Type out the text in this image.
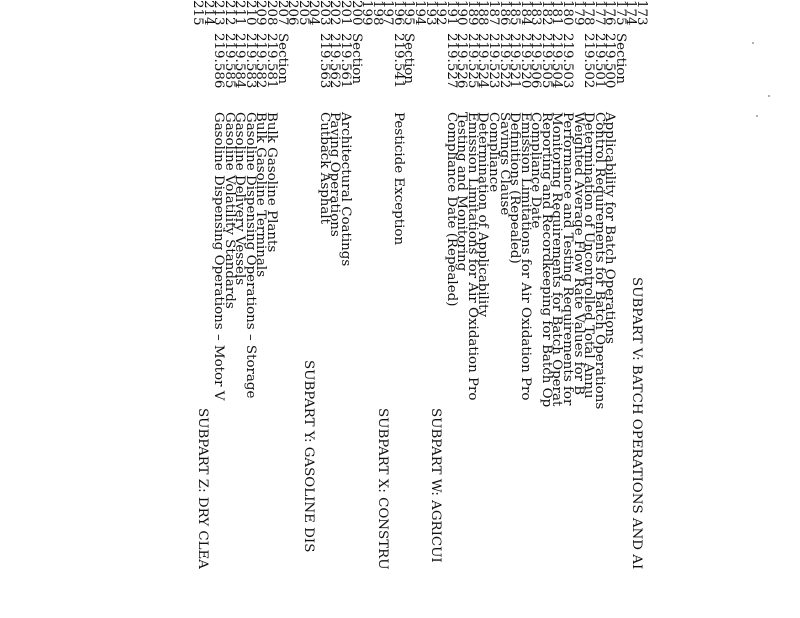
173
174
175
Section
176
219.500
Applicability for Batch Operations
177
219.501
Control Requirements for Batch Operations
178
219.502
Determination of Uncontrolled Total Annu
179
Weighted Average Flow Rate Values for B
180
219.503
Performance and Testing Requirements for
181
219.504
Monitoring Requirements for Batch Operat
182
219.505
Reporting and Recordkeeping for Batch Op
183
219.506
Compliance Date
184
219.520
Emission Limitations for Air Oxidation Pro
185
219.521
Definitions (Repealed)
186
219.522
Savings Clause
187
219.523
Compliance
188
219.524
Determination of Applicability
189
219.525
Emission Limitations for Air Oxidation Pro
190
219.526
Testing and Monitoring
191
219.527
Compliance Date (Repealed)
192
193
194
195
Section
196
219.541
Pesticide Exception
197
198
199
200
Section
201
219.561
Architectural Coatings
202
219.562
Paving Operations
203
219.563
Cutback Asphalt
204
205
206
207
Section
208
219.581
Bulk Gasoline Plants
209
219.582
Bulk Gasoline Terminals
210
219.583
Gasoline Dispensing Operations – Storage
211
219.584
Gasoline Delivery Vessels
212
219.585
Gasoline Volatility Standards
213
219.586
Gasoline Dispensing Operations – Motor V
214
215
SUBPART V: BATCH OPERATIONS AND AI
SUBPART W: AGRICUI
SUBPART X: CONSTRU
SUBPART Y: GASOLINE DIS
SUBPART Z: DRY CLEA
